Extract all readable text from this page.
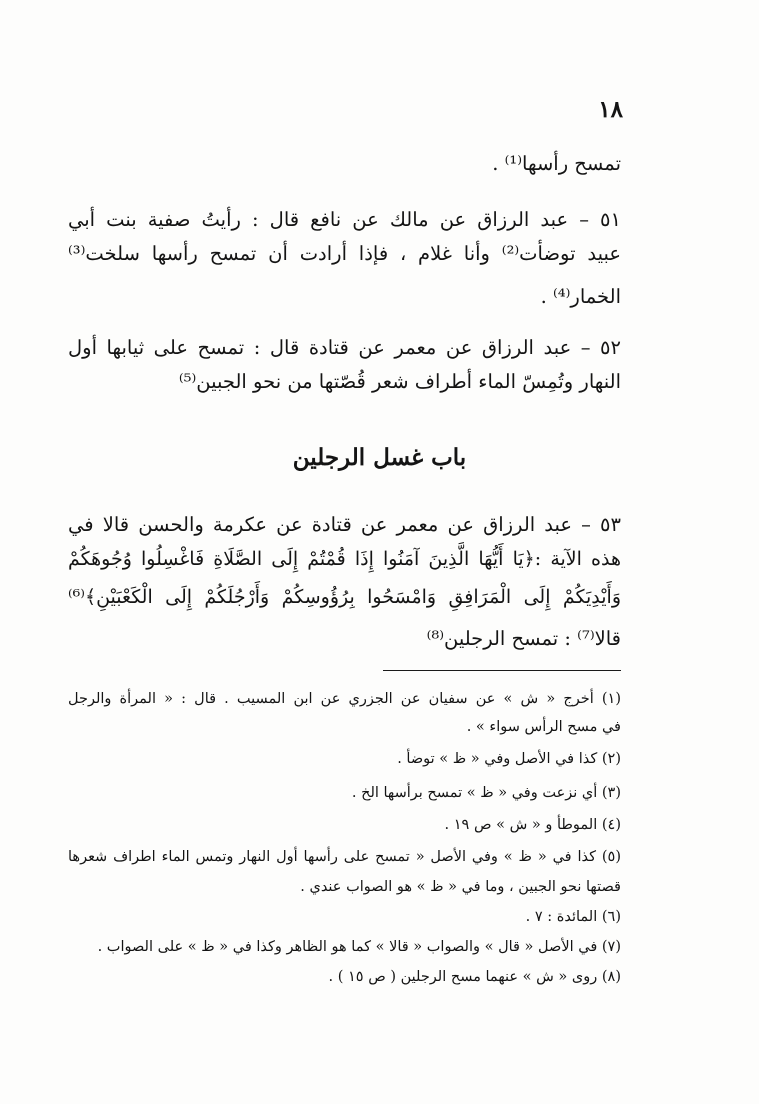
١٨
تمسح رأسها⁽¹⁾ .
٥١ – عبد الرزاق عن مالك عن نافع قال : رأيتُ صفية بنت أبي
عبيد توضأت⁽²⁾ وأنا غلام ، فإذا أرادت أن تمسح رأسها سلخت⁽³⁾
الخمار⁽⁴⁾ .
٥٢ – عبد الرزاق عن معمر عن قتادة قال : تمسح على ثيابها أول
النهار وتُمِسّ الماء أطراف شعر قُصّتها من نحو الجبين⁽⁵⁾
باب غسل الرجلين
٥٣ – عبد الرزاق عن معمر عن قتادة عن عكرمة والحسن قالا في
هذه الآية :﴿يَا أَيُّهَا الَّذِينَ آمَنُوا إِذَا قُمْتُمْ إِلَى الصَّلَاةِ فَاغْسِلُوا وُجُوهَكُمْ
وَأَيْدِيَكُمْ إِلَى الْمَرَافِقِ وَامْسَحُوا بِرُؤُوسِكُمْ وَأَرْجُلَكُمْ إِلَى الْكَعْبَيْنِ﴾⁽⁶⁾
قالا⁽⁷⁾ : تمسح الرجلين⁽⁸⁾
(١) أخرج « ش » عن سفيان عن الجزري عن ابن المسيب . قال : « المرأة والرجل
في مسح الرأس سواء » .
(٢) كذا في الأصل وفي « ظ » توضأ .
(٣) أي نزعت وفي « ظ » تمسح برأسها الخ .
(٤) الموطأ و « ش » ص ١٩ .
(٥) كذا في « ظ » وفي الأصل « تمسح على رأسها أول النهار وتمس الماء اطراف شعرها
قصتها نحو الجبين ، وما في « ظ » هو الصواب عندي .
(٦) المائدة : ٧ .
(٧) في الأصل « قال » والصواب « قالا » كما هو الظاهر وكذا في « ظ » على الصواب .
(٨) روى « ش » عنهما مسح الرجلين ( ص ١٥ ) .
